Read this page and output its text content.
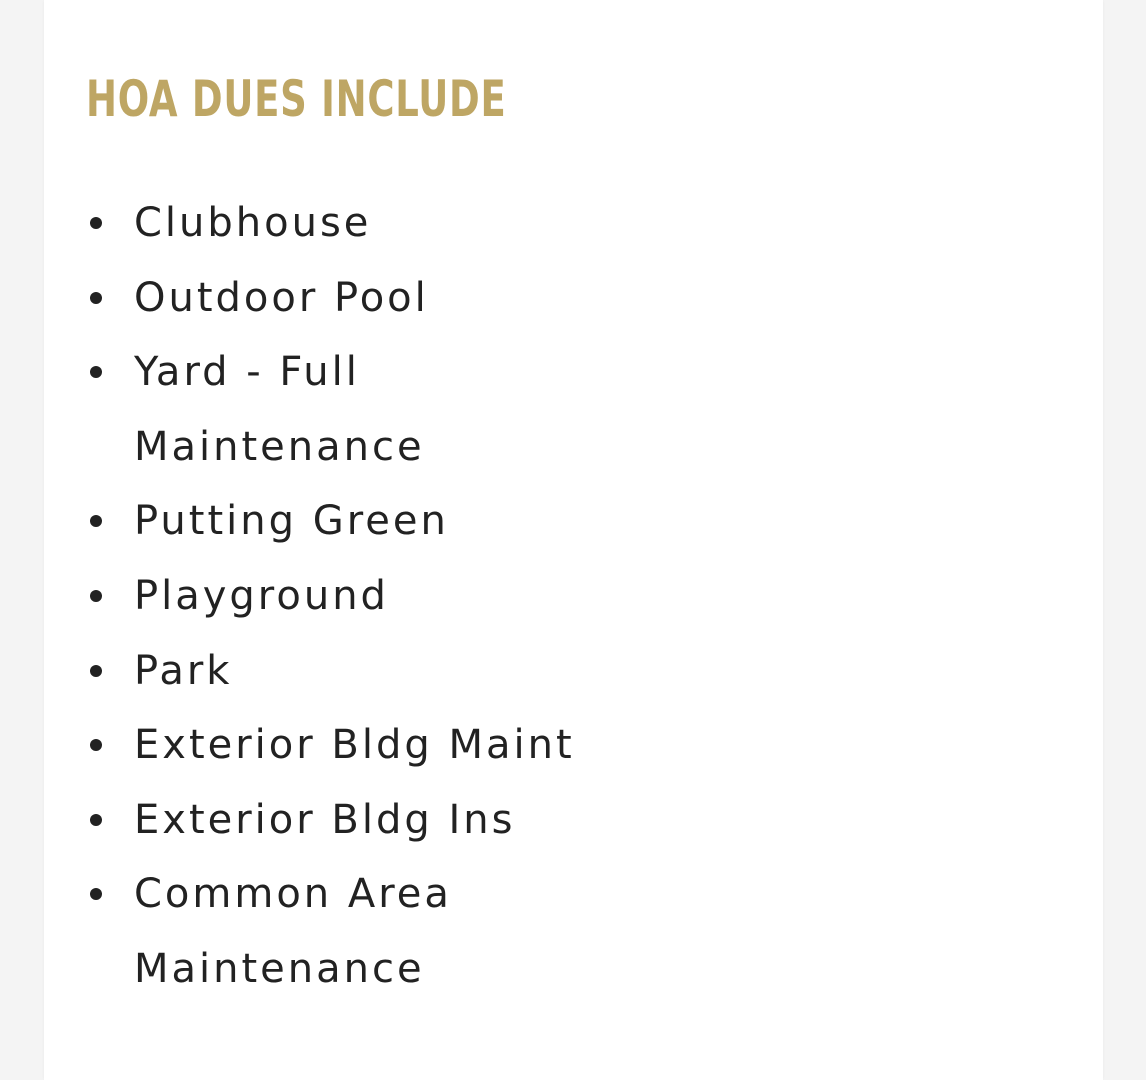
HOA DUES INCLUDE
Clubhouse
Outdoor Pool
Yard - Full Maintenance
Putting Green
Playground
Park
Exterior Bldg Maint
Exterior Bldg Ins
Common Area Maintenance
